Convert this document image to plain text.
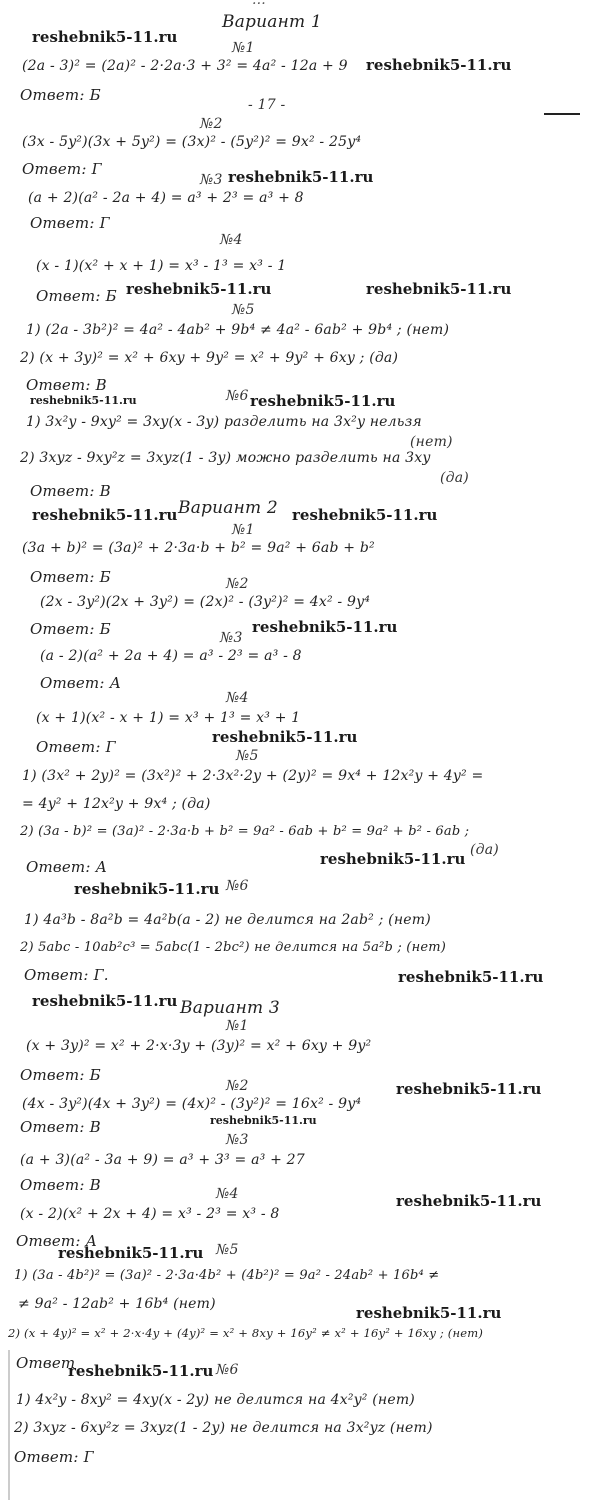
...
Вариант 1
reshebnik5-11.ru
№1
(2a - 3)² = (2a)² - 2·2a·3 + 3² = 4a² - 12a + 9 reshebnik5-11.ru
Ответ: Б
- 17 -
№2
(3x - 5y²)(3x + 5y²) = (3x)² - (5y²)² = 9x² - 25y⁴
Ответ: Г	reshebnik5-11.ru
№3
(a + 2)(a² - 2a + 4) = a³ + 2³ = a³ + 8
Ответ: Г
№4
(x - 1)(x² + x + 1) = x³ - 1³ = x³ - 1
Ответ: Б reshebnik5-11.ru	reshebnik5-11.ru
№5
1) (2a - 3b²)² = 4a² - 4ab² + 9b⁴ ≠ 4a² - 6ab² + 9b⁴ ; (нет)
2) (x + 3y)² = x² + 6xy + 9y² = x² + 9y² + 6xy ; (да)
Ответ: В
reshebnik5-11.ru	№6 reshebnik5-11.ru
1) 3x²y - 9xy² = 3xy(x - 3y) разделить на 3x²y нельзя
(нет)
2) 3xyz - 9xy²z = 3xyz(1 - 3y) можно разделить на 3xy
(да)
Ответ: В
reshebnik5-11.ru Вариант 2 reshebnik5-11.ru
№1
(3a + b)² = (3a)² + 2·3a·b + b² = 9a² + 6ab + b²
Ответ: Б	№2
(2x - 3y²)(2x + 3y²) = (2x)² - (3y²)² = 4x² - 9y⁴
Ответ: Б	reshebnik5-11.ru
№3
(a - 2)(a² + 2a + 4) = a³ - 2³ = a³ - 8
Ответ: А
№4
(x + 1)(x² - x + 1) = x³ + 1³ = x³ + 1
Ответ: Г
reshebnik5-11.ru
№5
1) (3x² + 2y)² = (3x²)² + 2·3x²·2y + (2y)² = 9x⁴ + 12x²y + 4y² =
= 4y² + 12x²y + 9x⁴ ; (да)
2) (3a - b)² = (3a)² - 2·3a·b + b² = 9a² - 6ab + b² = 9a² + b² - 6ab ;
reshebnik5-11.ru (да)
Ответ: А
reshebnik5-11.ru №6
1) 4a³b - 8a²b = 4a²b(a - 2) не делится на 2ab² ; (нет)
2) 5abc - 10ab²c³ = 5abc(1 - 2bc²) не делится на 5a²b ; (нет)
Ответ: Г.	reshebnik5-11.ru
reshebnik5-11.ru Вариант 3
№1
(x + 3y)² = x² + 2·x·3y + (3y)² = x² + 6xy + 9y²
Ответ: Б
№2	reshebnik5-11.ru
(4x - 3y²)(4x + 3y²) = (4x)² - (3y²)² = 16x² - 9y⁴
Ответ: В	reshebnik5-11.ru
№3
(a + 3)(a² - 3a + 9) = a³ + 3³ = a³ + 27
Ответ: В
reshebnik5-11.ru
№4
(x - 2)(x² + 2x + 4) = x³ - 2³ = x³ - 8
Ответ: А
reshebnik5-11.ru №5
1) (3a - 4b²)² = (3a)² - 2·3a·4b² + (4b²)² = 9a² - 24ab² + 16b⁴ ≠
≠ 9a² - 12ab² + 16b⁴ (нет)	reshebnik5-11.ru
2) (x + 4y)² = x² + 2·x·4y + (4y)² = x² + 8xy + 16y² ≠ x² + 16y² + 16xy ; (нет)
Ответ
reshebnik5-11.ru №6
1) 4x²y - 8xy² = 4xy(x - 2y) не делится на 4x²y² (нет)
2) 3xyz - 6xy²z = 3xyz(1 - 2y) не делится на 3x²yz (нет)
Ответ: Г
